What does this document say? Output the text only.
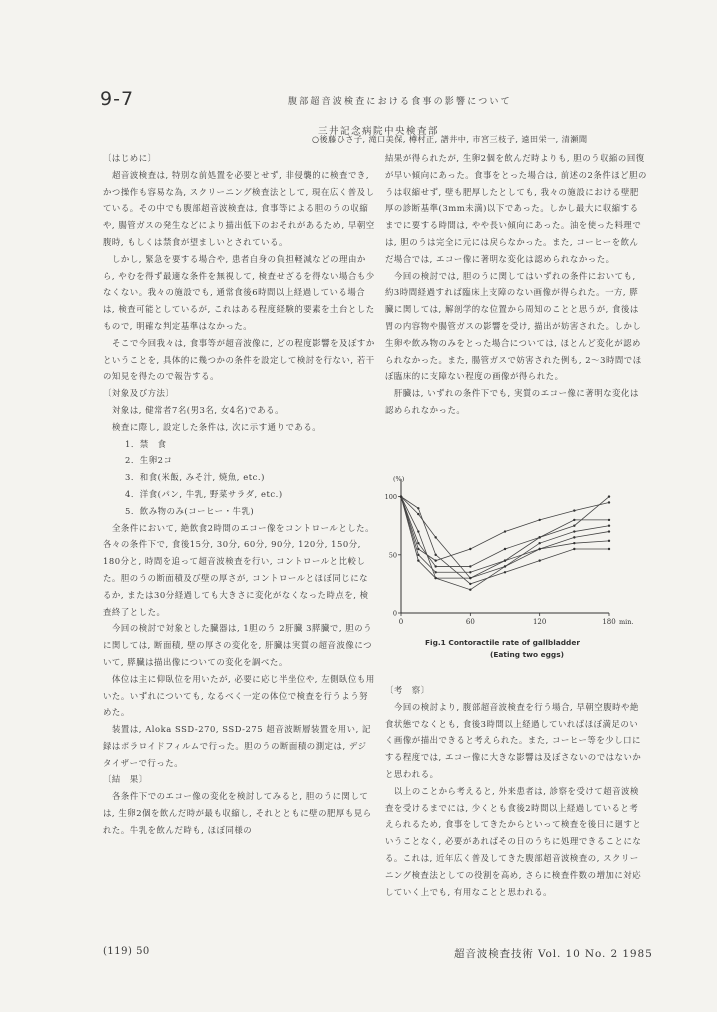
9-7	腹部超音波検査における食事の影響について
三井記念病院中央検査部
○後藤ひさ子, 滝口美保, 樽村正, 譜井中, 市宮三枝子, 遠田栄一, 清瀬聞

〔はじめに〕

超音波検査は, 特別な前処置を必要とせず, 非侵襲的に検査でき, かつ操作も容易な為, スクリーニング検査法として, 現在広く普及している。その中でも腹部超音波検査は, 食事等による胆のうの収縮や, 腸管ガスの発生などにより描出低下のおそれがあるため, 早朝空腹時, もしくは禁食が望ましいとされている。

しかし, 緊急を要する場合や, 患者自身の負担軽減などの理由から, やむを得ず最適な条件を無視して, 検査せざるを得ない場合も少なくない。我々の施設でも, 通常食後6時間以上経過している場合は, 検査可能としているが, これはある程度経験的要素を土台としたもので, 明確な判定基準はなかった。

そこで今回我々は, 食事等が超音波像に, どの程度影響を及ぼすかということを, 具体的に幾つかの条件を設定して検討を行ない, 若干の知見を得たので報告する。

〔対象及び方法〕

対象は, 健常者7名(男3名, 女4名)である。

検査に際し, 設定した条件は, 次に示す通りである。

1．禁　食

2．生卵2コ

3．和食(米飯, みそ汁, 焼魚, etc.)

4．洋食(パン, 牛乳, 野菜サラダ, etc.)

5．飲み物のみ(コーヒー・牛乳)

全条件において, 絶飲食2時間のエコー像をコントロールとした。各々の条件下で, 食後15分, 30分, 60分, 90分, 120分, 150分, 180分と, 時間を追って超音波検査を行い, コントロールと比較した。胆のうの断面積及び壁の厚さが, コントロールとほぼ同じになるか, または30分経過しても大きさに変化がなくなった時点を, 検査終了とした。

今回の検討で対象とした臓器は, 1胆のう 2肝臓 3膵臓で, 胆のうに関しては, 断面積, 壁の厚さの変化を, 肝臓は実質の超音波像について, 膵臓は描出像についての変化を調べた。

体位は主に仰臥位を用いたが, 必要に応じ半坐位や, 左側臥位も用いた。いずれについても, なるべく一定の体位で検査を行うよう努めた。

装置は, Aloka SSD-270, SSD-275 超音波断層装置を用い, 記録はポラロイドフィルムで行った。胆のうの断面積の測定は, デジタイザーで行った。

〔結　果〕

各条件下でのエコー像の変化を検討してみると, 胆のうに関しては, 生卵2個を飲んだ時が最も収縮し, それとともに壁の肥厚も見られた。牛乳を飲んだ時も, ほぼ同様の

結果が得られたが, 生卵2個を飲んだ時よりも, 胆のう収縮の回復が早い傾向にあった。食事をとった場合は, 前述の2条件ほど胆のうは収縮せず, 壁も肥厚したとしても, 我々の施設における壁肥厚の診断基準(3mm未満)以下であった。しかし最大に収縮するまでに要する時間は, やや長い傾向にあった。油を使った料理では, 胆のうは完全に元には戻らなかった。また, コーヒーを飲んだ場合では, エコー像に著明な変化は認められなかった。

今回の検討では, 胆のうに関してはいずれの条件においても, 約3時間経過すれば臨床上支障のない画像が得られた。一方, 膵臓に関しては, 解剖学的な位置から周知のことと思うが, 食後は胃の内容物や腸管ガスの影響を受け, 描出が妨害された。しかし生卵や飲み物のみをとった場合については, ほとんど変化が認められなかった。また, 腸管ガスで妨害された例も, 2～3時間でほぼ臨床的に支障ない程度の画像が得られた。

肝臓は, いずれの条件下でも, 実質のエコー像に著明な変化は認められなかった。

0	60	120	180
100
50
0
(%)
min.
Fig.1 Contoractile rate of gallbladder
(Eating two eggs)

〔考　察〕

今回の検討より, 腹部超音波検査を行う場合, 早朝空腹時や絶食状態でなくとも, 食後3時間以上経過していればほぼ満足のいく画像が描出できると考えられた。また, コーヒー等を少し口にする程度では, エコー像に大きな影響は及ぼさないのではないかと思われる。

以上のことから考えると, 外来患者は, 診察を受けて超音波検査を受けるまでには, 少くとも食後2時間以上経過していると考えられるため, 食事をしてきたからといって検査を後日に廻すということなく, 必要があればその日のうちに処理できることになる。これは, 近年広く普及してきた腹部超音波検査の, スクリーニング検査法としての役割を高め, さらに検査件数の増加に対応していく上でも, 有用なことと思われる。

(119) 50	超音波検査技術 Vol. 10 No. 2 1985
